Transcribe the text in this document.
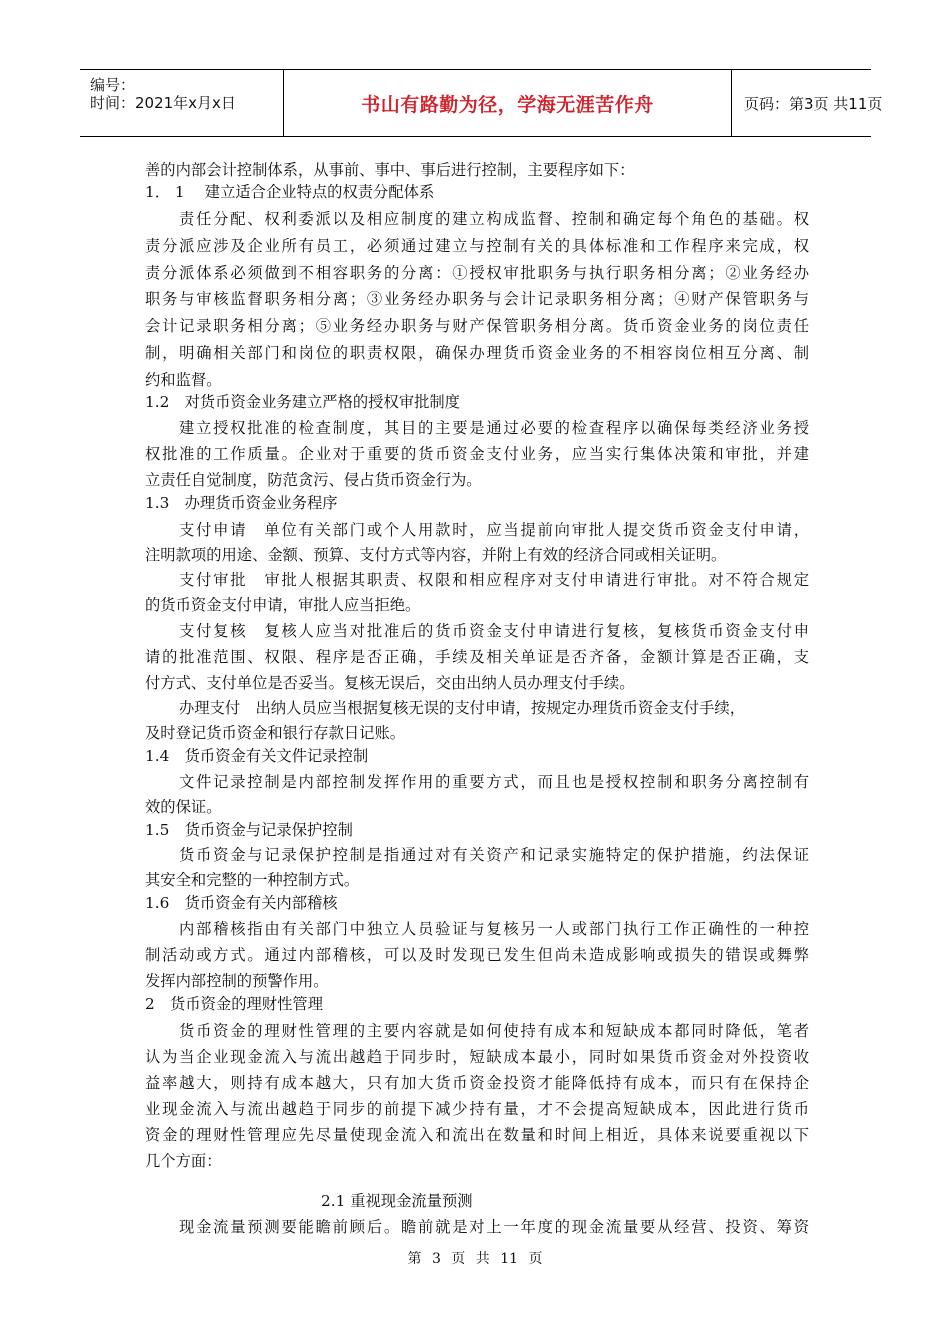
编号：
时间：2021年x月x日	书山有路勤为径，学海无涯苦作舟	页码：第3页 共11页
善的内部会计控制体系，从事前、事中、事后进行控制，主要程序如下：
1． 1　 建立适合企业特点的权责分配体系
责任分配、权利委派以及相应制度的建立构成监督、控制和确定每个角色的基础。权
责分派应涉及企业所有员工，必须通过建立与控制有关的具体标准和工作程序来完成，权
责分派体系必须做到不相容职务的分离：①授权审批职务与执行职务相分离；②业务经办
职务与审核监督职务相分离；③业务经办职务与会计记录职务相分离；④财产保管职务与
会计记录职务相分离；⑤业务经办职务与财产保管职务相分离。货币资金业务的岗位责任
制，明确相关部门和岗位的职责权限，确保办理货币资金业务的不相容岗位相互分离、制
约和监督。
1.2　对货币资金业务建立严格的授权审批制度
建立授权批准的检查制度，其目的主要是通过必要的检查程序以确保每类经济业务授
权批准的工作质量。企业对于重要的货币资金支付业务，应当实行集体决策和审批，并建
立责任自觉制度，防范贪污、侵占货币资金行为。
1.3　办理货币资金业务程序
支付申请　单位有关部门或个人用款时，应当提前向审批人提交货币资金支付申请，
注明款项的用途、金额、预算、支付方式等内容，并附上有效的经济合同或相关证明。
支付审批　审批人根据其职责、权限和相应程序对支付申请进行审批。对不符合规定
的货币资金支付申请，审批人应当拒绝。
支付复核　复核人应当对批准后的货币资金支付申请进行复核，复核货币资金支付申
请的批准范围、权限、程序是否正确，手续及相关单证是否齐备，金额计算是否正确，支
付方式、支付单位是否妥当。复核无误后，交由出纳人员办理支付手续。
办理支付　出纳人员应当根据复核无误的支付申请，按规定办理货币资金支付手续，
及时登记货币资金和银行存款日记账。
1.4　货币资金有关文件记录控制
文件记录控制是内部控制发挥作用的重要方式，而且也是授权控制和职务分离控制有
效的保证。
1.5　货币资金与记录保护控制
货币资金与记录保护控制是指通过对有关资产和记录实施特定的保护措施，约法保证
其安全和完整的一种控制方式。
1.6　货币资金有关内部稽核
内部稽核指由有关部门中独立人员验证与复核另一人或部门执行工作正确性的一种控
制活动或方式。通过内部稽核，可以及时发现已发生但尚未造成影响或损失的错误或舞弊
发挥内部控制的预警作用。
2　货币资金的理财性管理
货币资金的理财性管理的主要内容就是如何使持有成本和短缺成本都同时降低，笔者
认为当企业现金流入与流出越趋于同步时，短缺成本最小，同时如果货币资金对外投资收
益率越大，则持有成本越大，只有加大货币资金投资才能降低持有成本，而只有在保持企
业现金流入与流出越趋于同步的前提下减少持有量，才不会提高短缺成本，因此进行货币
资金的理财性管理应先尽量使现金流入和流出在数量和时间上相近，具体来说要重视以下
几个方面：
2.1 重视现金流量预测
现金流量预测要能瞻前顾后。瞻前就是对上一年度的现金流量要从经营、投资、筹资
第 3 页 共 11 页
